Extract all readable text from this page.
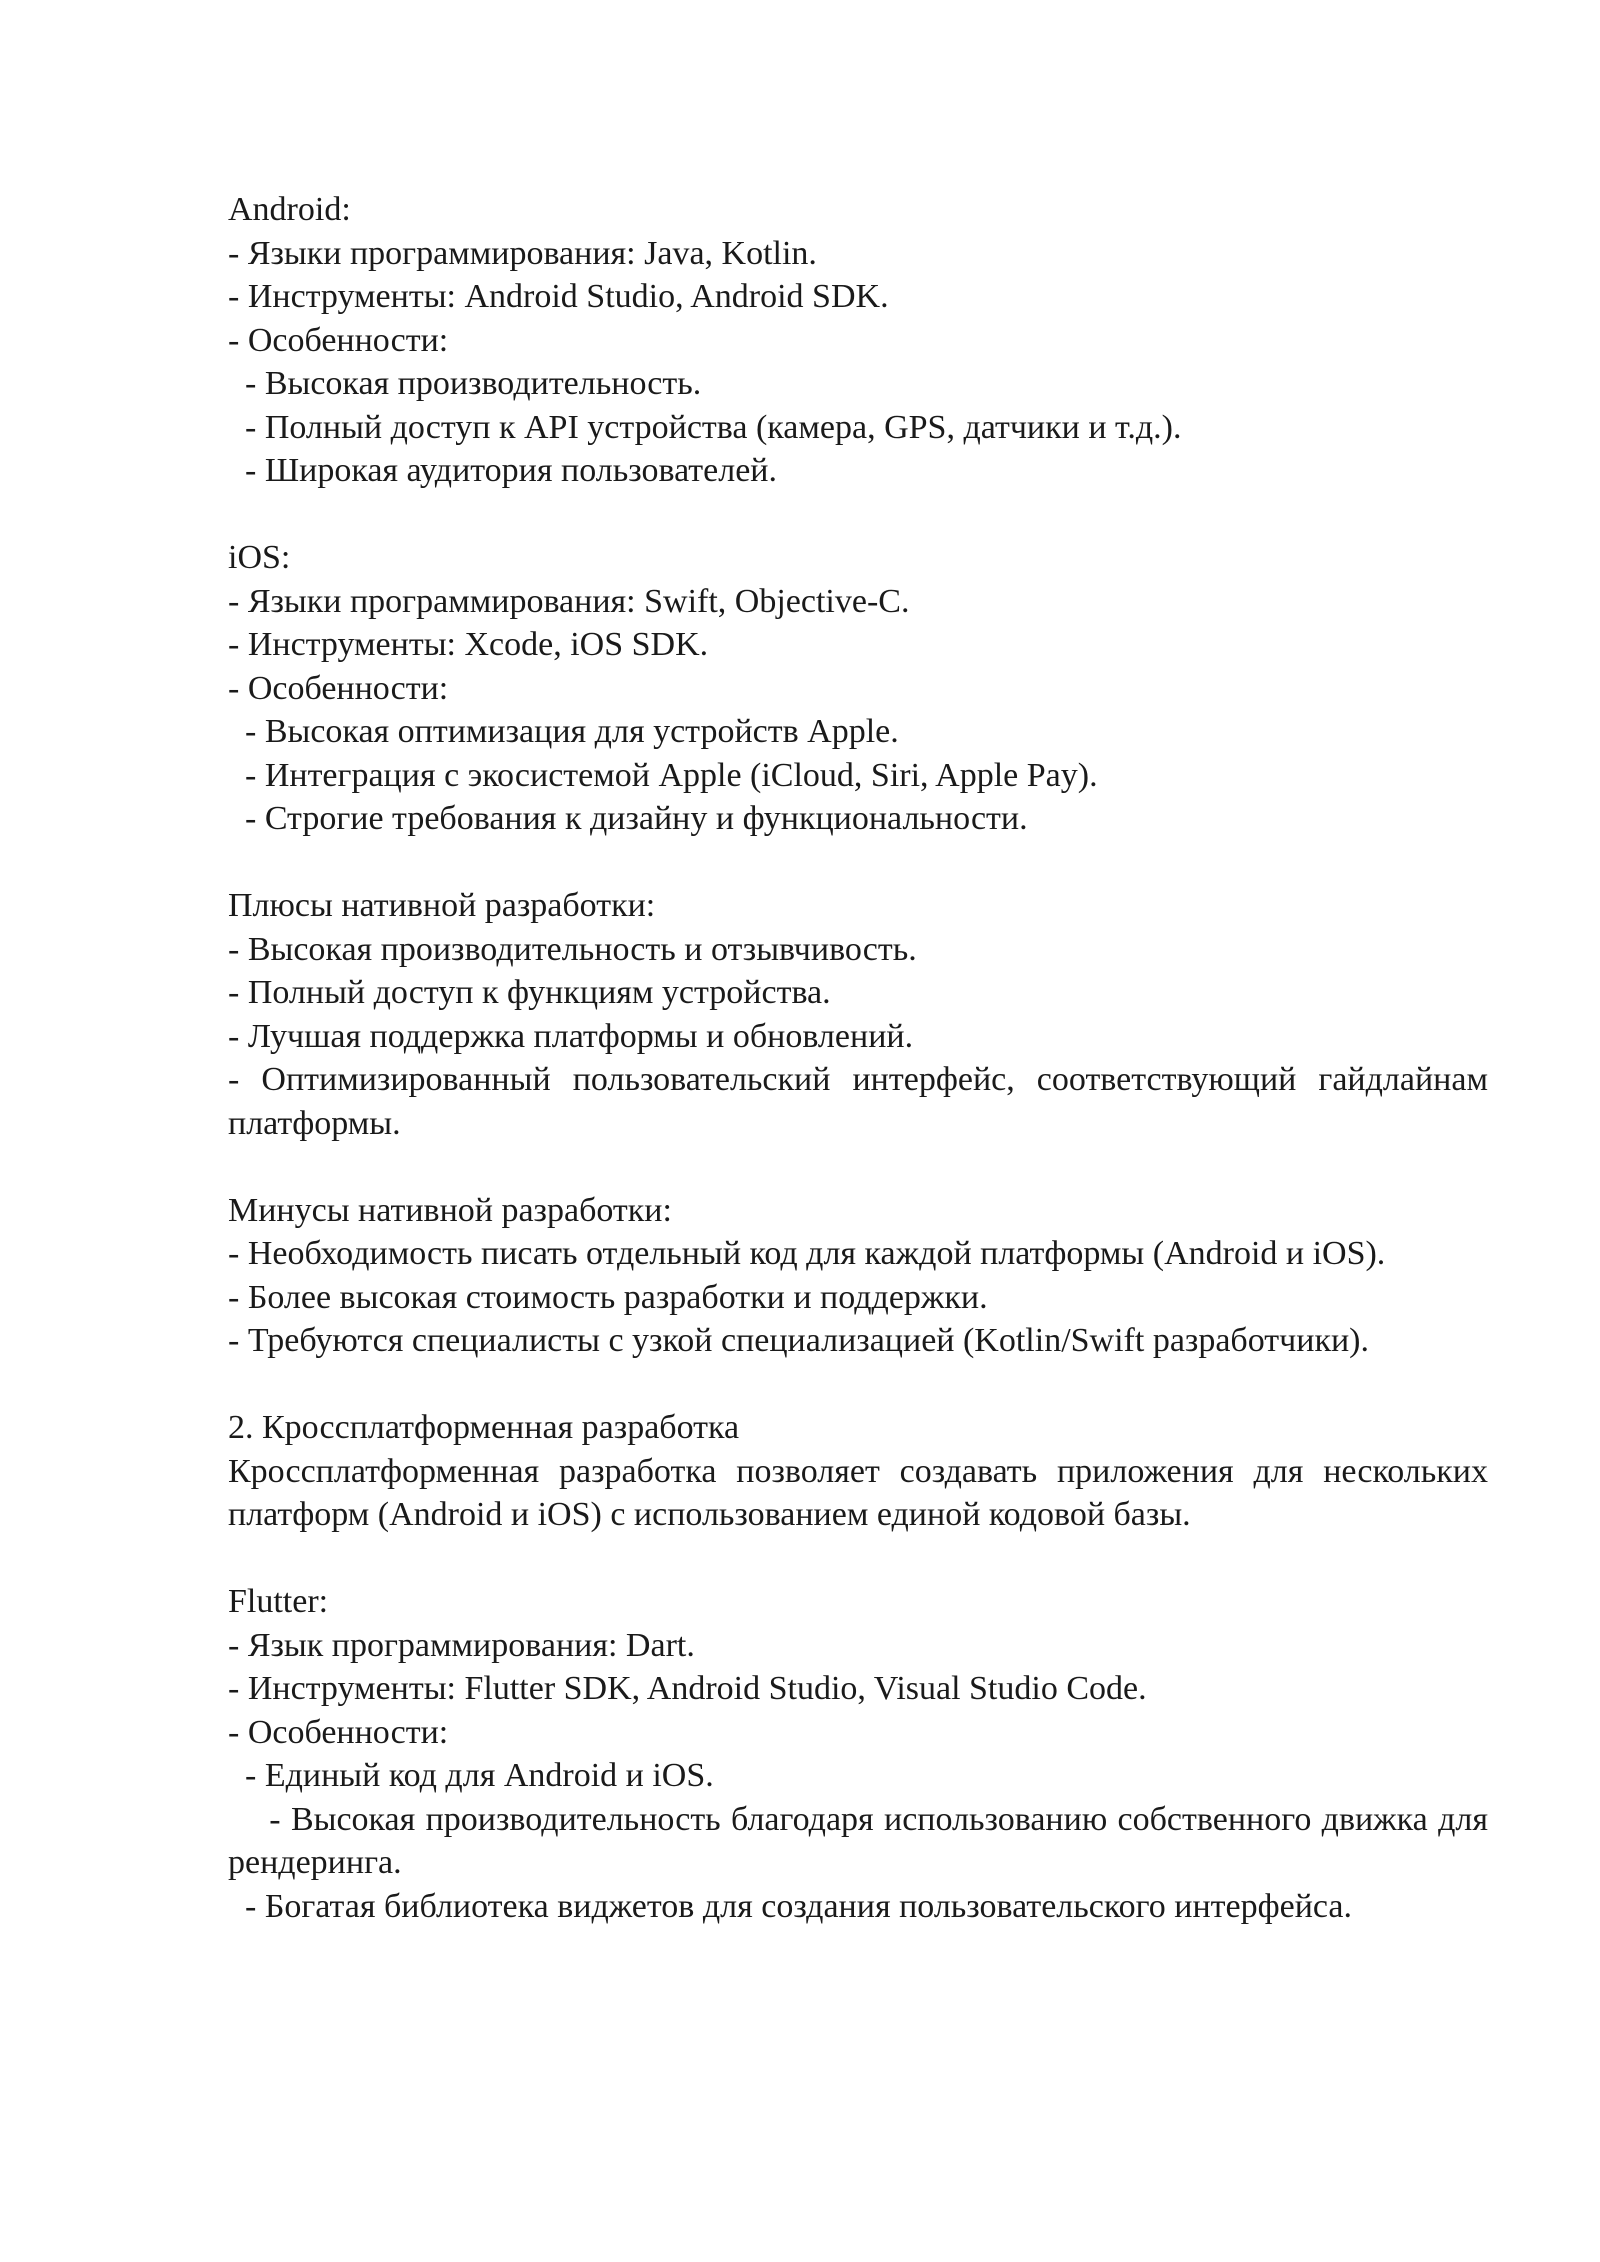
Android:
- Языки программирования: Java, Kotlin.
- Инструменты: Android Studio, Android SDK.
- Особенности:
- Высокая производительность.
- Полный доступ к API устройства (камера, GPS, датчики и т.д.).
- Широкая аудитория пользователей.
iOS:
- Языки программирования: Swift, Objective-C.
- Инструменты: Xcode, iOS SDK.
- Особенности:
- Высокая оптимизация для устройств Apple.
- Интеграция с экосистемой Apple (iCloud, Siri, Apple Pay).
- Строгие требования к дизайну и функциональности.
Плюсы нативной разработки:
- Высокая производительность и отзывчивость.
- Полный доступ к функциям устройства.
- Лучшая поддержка платформы и обновлений.
- Оптимизированный пользовательский интерфейс, соответствующий гайдлайнам платформы.
Минусы нативной разработки:
- Необходимость писать отдельный код для каждой платформы (Android и iOS).
- Более высокая стоимость разработки и поддержки.
- Требуются специалисты с узкой специализацией (Kotlin/Swift разработчики).
2. Кроссплатформенная разработка
Кроссплатформенная разработка позволяет создавать приложения для нескольких платформ (Android и iOS) с использованием единой кодовой базы.
Flutter:
- Язык программирования: Dart.
- Инструменты: Flutter SDK, Android Studio, Visual Studio Code.
- Особенности:
- Единый код для Android и iOS.
- Высокая производительность благодаря использованию собственного движка для рендеринга.
- Богатая библиотека виджетов для создания пользовательского интерфейса.
